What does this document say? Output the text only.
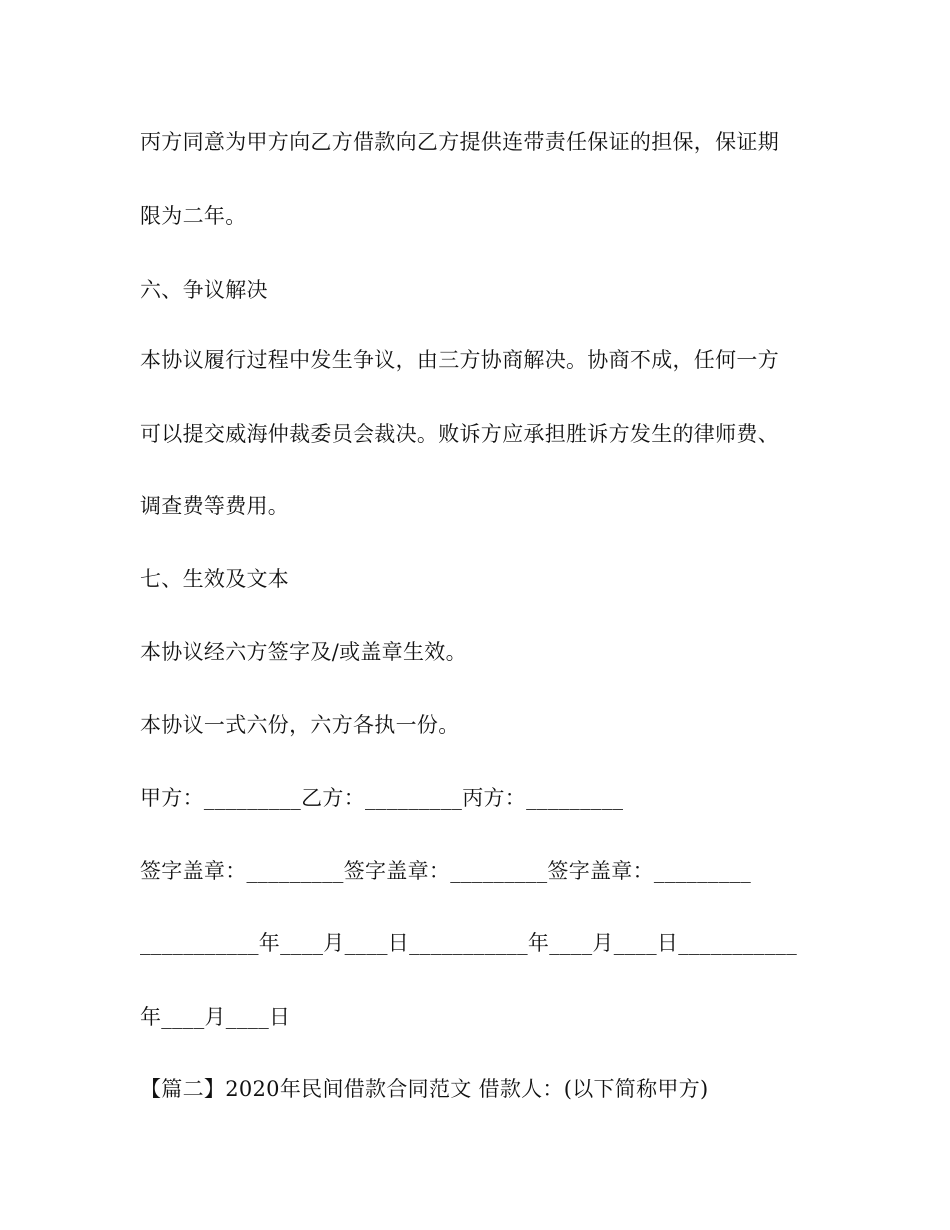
丙方同意为甲方向乙方借款向乙方提供连带责任保证的担保，保证期
限为二年。
六、争议解决
本协议履行过程中发生争议，由三方协商解决。协商不成，任何一方
可以提交威海仲裁委员会裁决。败诉方应承担胜诉方发生的律师费、
调查费等费用。
七、生效及文本
本协议经六方签字及/或盖章生效。
本协议一式六份，六方各执一份。
甲方：_________乙方：_________丙方：_________
签字盖章：_________签字盖章：_________签字盖章：_________
___________年____月____日___________年____月____日___________
年____月____日
【篇二】2020年民间借款合同范文 借款人：(以下简称甲方)
